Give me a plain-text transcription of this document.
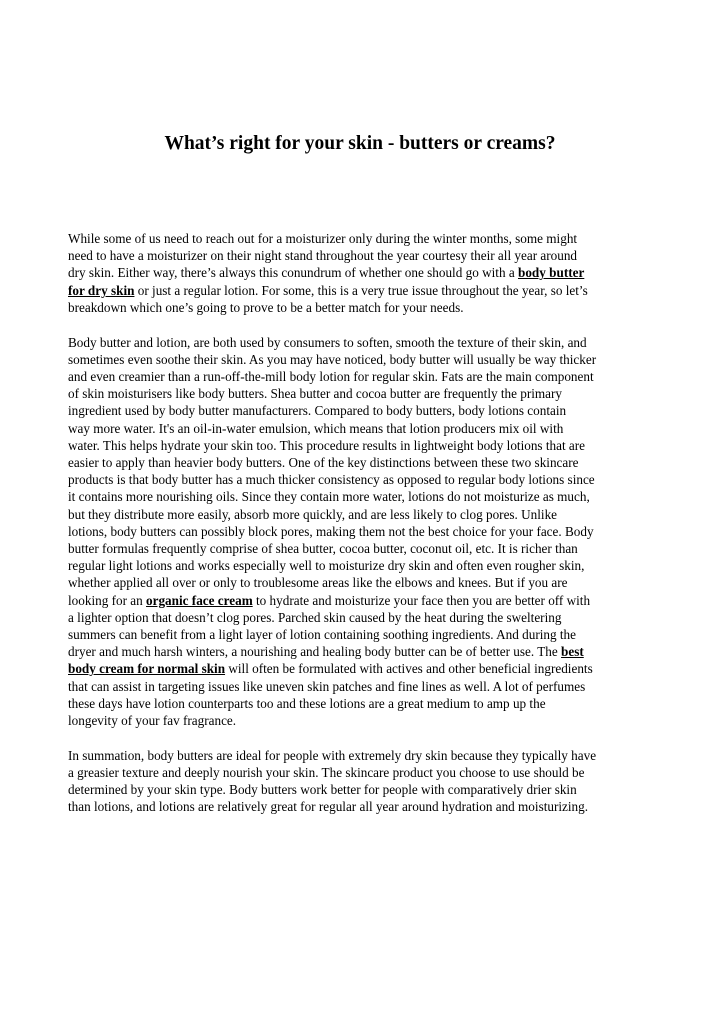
What’s right for your skin - butters or creams?

While some of us need to reach out for a moisturizer only during the winter months, some might
need to have a moisturizer on their night stand throughout the year courtesy their all year around
dry skin. Either way, there’s always this conundrum of whether one should go with a body butter
for dry skin or just a regular lotion. For some, this is a very true issue throughout the year, so let’s
breakdown which one’s going to prove to be a better match for your needs.

Body butter and lotion, are both used by consumers to soften, smooth the texture of their skin, and
sometimes even soothe their skin. As you may have noticed, body butter will usually be way thicker
and even creamier than a run-off-the-mill body lotion for regular skin. Fats are the main component
of skin moisturisers like body butters. Shea butter and cocoa butter are frequently the primary
ingredient used by body butter manufacturers. Compared to body butters, body lotions contain
way more water. It's an oil-in-water emulsion, which means that lotion producers mix oil with
water. This helps hydrate your skin too. This procedure results in lightweight body lotions that are
easier to apply than heavier body butters. One of the key distinctions between these two skincare
products is that body butter has a much thicker consistency as opposed to regular body lotions since
it contains more nourishing oils. Since they contain more water, lotions do not moisturize as much,
but they distribute more easily, absorb more quickly, and are less likely to clog pores. Unlike
lotions, body butters can possibly block pores, making them not the best choice for your face. Body
butter formulas frequently comprise of shea butter, cocoa butter, coconut oil, etc. It is richer than
regular light lotions and works especially well to moisturize dry skin and often even rougher skin,
whether applied all over or only to troublesome areas like the elbows and knees. But if you are
looking for an organic face cream to hydrate and moisturize your face then you are better off with
a lighter option that doesn’t clog pores. Parched skin caused by the heat during the sweltering
summers can benefit from a light layer of lotion containing soothing ingredients. And during the
dryer and much harsh winters, a nourishing and healing body butter can be of better use. The best
body cream for normal skin will often be formulated with actives and other beneficial ingredients
that can assist in targeting issues like uneven skin patches and fine lines as well. A lot of perfumes
these days have lotion counterparts too and these lotions are a great medium to amp up the
longevity of your fav fragrance.

In summation, body butters are ideal for people with extremely dry skin because they typically have
a greasier texture and deeply nourish your skin. The skincare product you choose to use should be
determined by your skin type. Body butters work better for people with comparatively drier skin
than lotions, and lotions are relatively great for regular all year around hydration and moisturizing.
